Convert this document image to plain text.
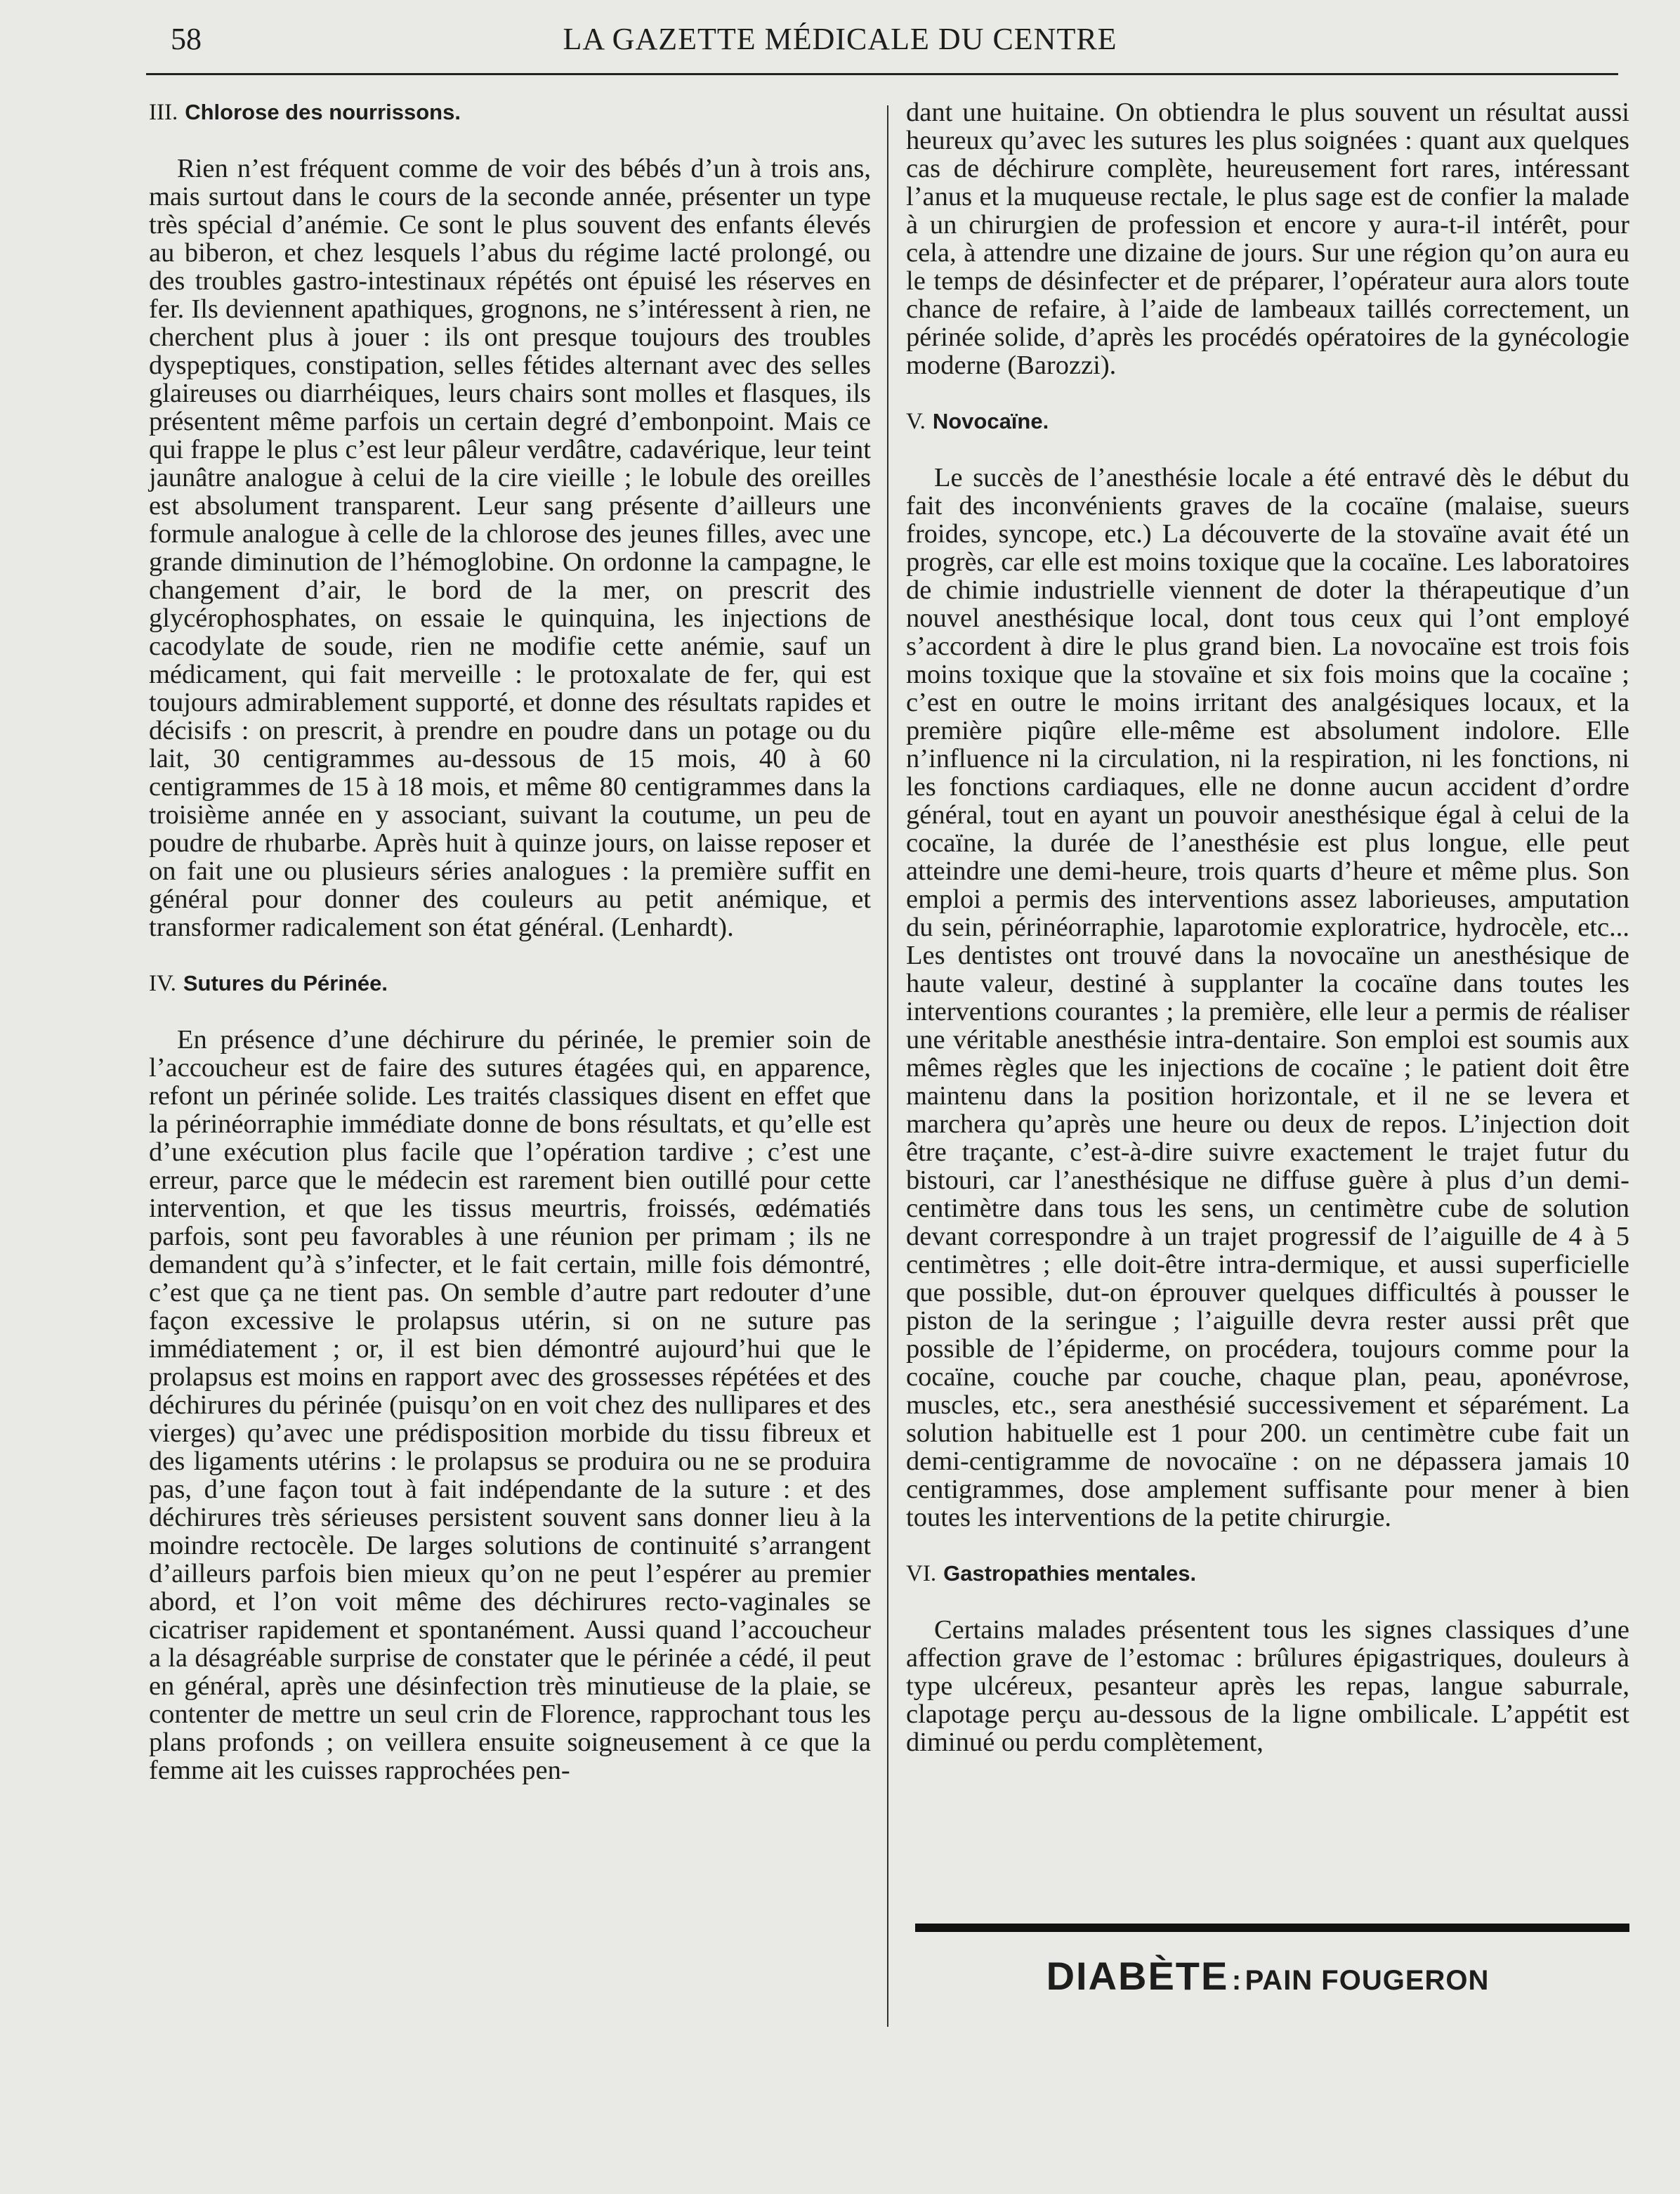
58	LA GAZETTE MÉDICALE DU CENTRE
III. Chlorose des nourrissons.

Rien n’est fréquent comme de voir des bébés d’un à trois ans, mais surtout dans le cours de la seconde année, présenter un type très spécial d’anémie. Ce sont le plus souvent des enfants élevés au biberon, et chez lesquels l’abus du régime lacté prolongé, ou des troubles gastro-intestinaux répétés ont épuisé les réserves en fer. Ils deviennent apathiques, grognons, ne s’intéressent à rien, ne cherchent plus à jouer : ils ont presque toujours des troubles dyspeptiques, constipation, selles fétides alternant avec des selles glaireuses ou diarrhéiques, leurs chairs sont molles et flasques, ils présentent même parfois un certain degré d’embonpoint. Mais ce qui frappe le plus c’est leur pâleur verdâtre, cadavérique, leur teint jaunâtre analogue à celui de la cire vieille ; le lobule des oreilles est absolument transparent. Leur sang présente d’ailleurs une formule analogue à celle de la chlorose des jeunes filles, avec une grande diminution de l’hémoglobine. On ordonne la campagne, le changement d’air, le bord de la mer, on prescrit des glycérophosphates, on essaie le quinquina, les injections de cacodylate de soude, rien ne modifie cette anémie, sauf un médicament, qui fait merveille : le protoxalate de fer, qui est toujours admirablement supporté, et donne des résultats rapides et décisifs : on prescrit, à prendre en poudre dans un potage ou du lait, 30 centigrammes au-dessous de 15 mois, 40 à 60 centigrammes de 15 à 18 mois, et même 80 centigrammes dans la troisième année en y associant, suivant la coutume, un peu de poudre de rhubarbe. Après huit à quinze jours, on laisse reposer et on fait une ou plusieurs séries analogues : la première suffit en général pour donner des couleurs au petit anémique, et transformer radicalement son état général. (Lenhardt).

IV. Sutures du Périnée.

En présence d’une déchirure du périnée, le premier soin de l’accoucheur est de faire des sutures étagées qui, en apparence, refont un périnée solide. Les traités classiques disent en effet que la périnéorraphie immédiate donne de bons résultats, et qu’elle est d’une exécution plus facile que l’opération tardive ; c’est une erreur, parce que le médecin est rarement bien outillé pour cette intervention, et que les tissus meurtris, froissés, œdématiés parfois, sont peu favorables à une réunion per primam ; ils ne demandent qu’à s’infecter, et le fait certain, mille fois démontré, c’est que ça ne tient pas. On semble d’autre part redouter d’une façon excessive le prolapsus utérin, si on ne suture pas immédiatement ; or, il est bien démontré aujourd’hui que le prolapsus est moins en rapport avec des grossesses répétées et des déchirures du périnée (puisqu’on en voit chez des nullipares et des vierges) qu’avec une prédisposition morbide du tissu fibreux et des ligaments utérins : le prolapsus se produira ou ne se produira pas, d’une façon tout à fait indépendante de la suture : et des déchirures très sérieuses persistent souvent sans donner lieu à la moindre rectocèle. De larges solutions de continuité s’arrangent d’ailleurs parfois bien mieux qu’on ne peut l’espérer au premier abord, et l’on voit même des déchirures recto-vaginales se cicatriser rapidement et spontanément. Aussi quand l’accoucheur a la désagréable surprise de constater que le périnée a cédé, il peut en général, après une désinfection très minutieuse de la plaie, se contenter de mettre un seul crin de Florence, rapprochant tous les plans profonds ; on veillera ensuite soigneusement à ce que la femme ait les cuisses rapprochées pen-

dant une huitaine. On obtiendra le plus souvent un résultat aussi heureux qu’avec les sutures les plus soignées : quant aux quelques cas de déchirure complète, heureusement fort rares, intéressant l’anus et la muqueuse rectale, le plus sage est de confier la malade à un chirurgien de profession et encore y aura-t-il intérêt, pour cela, à attendre une dizaine de jours. Sur une région qu’on aura eu le temps de désinfecter et de préparer, l’opérateur aura alors toute chance de refaire, à l’aide de lambeaux taillés correctement, un périnée solide, d’après les procédés opératoires de la gynécologie moderne (Barozzi).

V. Novocaïne.

Le succès de l’anesthésie locale a été entravé dès le début du fait des inconvénients graves de la cocaïne (malaise, sueurs froides, syncope, etc.) La découverte de la stovaïne avait été un progrès, car elle est moins toxique que la cocaïne. Les laboratoires de chimie industrielle viennent de doter la thérapeutique d’un nouvel anesthésique local, dont tous ceux qui l’ont employé s’accordent à dire le plus grand bien. La novocaïne est trois fois moins toxique que la stovaïne et six fois moins que la cocaïne ; c’est en outre le moins irritant des analgésiques locaux, et la première piqûre elle-même est absolument indolore. Elle n’influence ni la circulation, ni la respiration, ni les fonctions, ni les fonctions cardiaques, elle ne donne aucun accident d’ordre général, tout en ayant un pouvoir anesthésique égal à celui de la cocaïne, la durée de l’anesthésie est plus longue, elle peut atteindre une demi-heure, trois quarts d’heure et même plus. Son emploi a permis des interventions assez laborieuses, amputation du sein, périnéorraphie, laparotomie exploratrice, hydrocèle, etc... Les dentistes ont trouvé dans la novocaïne un anesthésique de haute valeur, destiné à supplanter la cocaïne dans toutes les interventions courantes ; la première, elle leur a permis de réaliser une véritable anesthésie intra-dentaire. Son emploi est soumis aux mêmes règles que les injections de cocaïne ; le patient doit être maintenu dans la position horizontale, et il ne se levera et marchera qu’après une heure ou deux de repos. L’injection doit être traçante, c’est-à-dire suivre exactement le trajet futur du bistouri, car l’anesthésique ne diffuse guère à plus d’un demi-centimètre dans tous les sens, un centimètre cube de solution devant correspondre à un trajet progressif de l’aiguille de 4 à 5 centimètres ; elle doit-être intra-dermique, et aussi superficielle que possible, dut-on éprouver quelques difficultés à pousser le piston de la seringue ; l’aiguille devra rester aussi prêt que possible de l’épiderme, on procédera, toujours comme pour la cocaïne, couche par couche, chaque plan, peau, aponévrose, muscles, etc., sera anesthésié successivement et séparément. La solution habituelle est 1 pour 200. un centimètre cube fait un demi-centigramme de novocaïne : on ne dépassera jamais 10 centigrammes, dose amplement suffisante pour mener à bien toutes les interventions de la petite chirurgie.

VI. Gastropathies mentales.

Certains malades présentent tous les signes classiques d’une affection grave de l’estomac : brûlures épigastriques, douleurs à type ulcéreux, pesanteur après les repas, langue saburrale, clapotage perçu au-dessous de la ligne ombilicale. L’appétit est diminué ou perdu complètement,

DIABÈTE : PAIN FOUGERON
